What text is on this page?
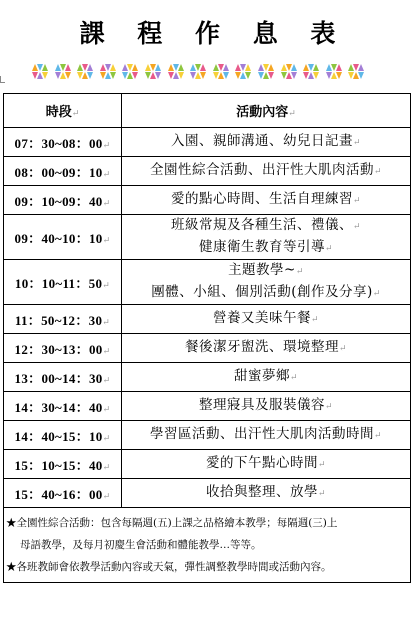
課 程 作 息 表
時段↵	活動內容↵
07：30~08：00↵	入園、親師溝通、幼兒日記畫↵

08：00~09：10↵	全園性綜合活動、出汗性大肌肉活動↵

09：10~09：40↵	愛的點心時間、生活自理練習↵

09：40~10：10↵	班級常規及各種生活、禮儀、↵
健康衛生教育等引導↵

10：10~11：50↵	主題教學~↵
團體、小組、個別活動(創作及分享)↵

11：50~12：30↵	營養又美味午餐↵

12：30~13：00↵	餐後潔牙盥洗、環境整理↵

13：00~14：30↵	甜蜜夢鄉↵

14：30~14：40↵	整理寢具及服裝儀容↵

14：40~15：10↵	學習區活動、出汗性大肌肉活動時間↵

15：10~15：40↵	愛的下午點心時間↵

15：40~16：00↵	收拾與整理、放學↵

★全園性綜合活動：包含每隔週(五)上課之品格繪本教學；每隔週(三)上
母語教學，及每月初慶生會活動和體能教學…等等。
★各班教師會依教學活動內容或天氣，彈性調整教學時間或活動內容。	
